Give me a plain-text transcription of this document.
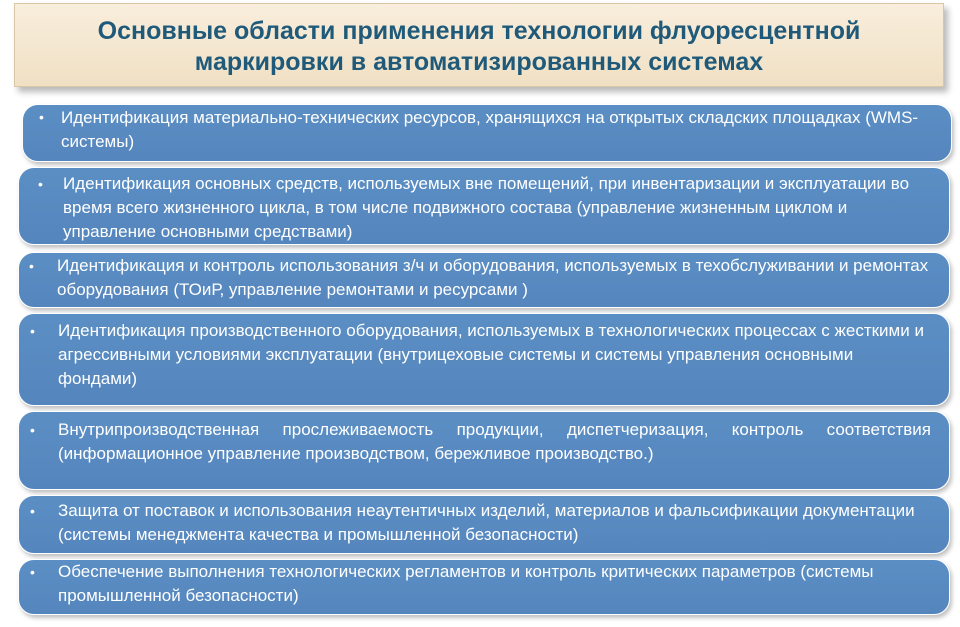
Основные области применения технологии флуоресцентной
маркировки в автоматизированных системах
• Идентификация материально-технических ресурсов, хранящихся на открытых складских площадках (WMS-системы)
• Идентификация основных средств, используемых вне помещений, при инвентаризации и эксплуатации во время всего жизненного цикла, в том числе подвижного состава (управление жизненным циклом и управление основными средствами)
• Идентификация и контроль использования з/ч и оборудования, используемых в техобслуживании и ремонтах оборудования (ТОиР, управление ремонтами и ресурсами )
• Идентификация производственного оборудования, используемых в технологических процессах с жесткими и агрессивными условиями эксплуатации (внутрицеховые системы и системы управления основными фондами)
• Внутрипроизводственная прослеживаемость продукции, диспетчеризация, контроль соответствия (информационное управление производством, бережливое производство.)
• Защита от поставок и использования неаутентичных изделий, материалов и фальсификации документации (системы менеджмента качества и промышленной безопасности)
• Обеспечение выполнения технологических регламентов и контроль критических параметров (системы промышленной безопасности)
